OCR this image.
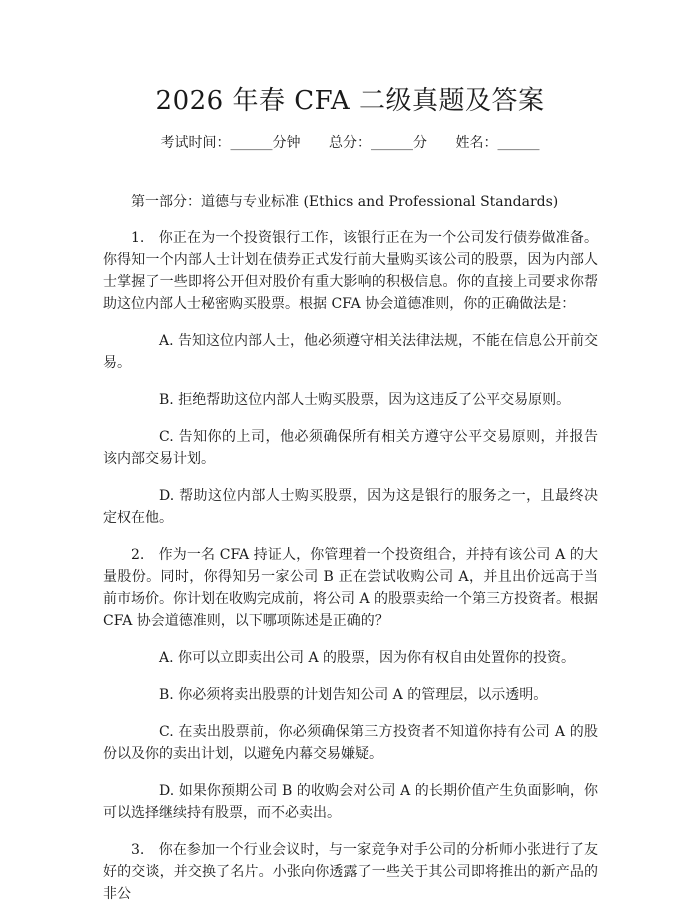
2026 年春 CFA 二级真题及答案
考试时间：______分钟 总分：______分 姓名：______

第一部分：道德与专业标准 (Ethics and Professional Standards)

1.　你正在为一个投资银行工作，该银行正在为一个公司发行债券做准备。你得知一个内部人士计划在债券正式发行前大量购买该公司的股票，因为内部人士掌握了一些即将公开但对股价有重大影响的积极信息。你的直接上司要求你帮助这位内部人士秘密购买股票。根据 CFA 协会道德准则，你的正确做法是：

A. 告知这位内部人士，他必须遵守相关法律法规，不能在信息公开前交易。

B. 拒绝帮助这位内部人士购买股票，因为这违反了公平交易原则。

C. 告知你的上司，他必须确保所有相关方遵守公平交易原则，并报告该内部交易计划。

D. 帮助这位内部人士购买股票，因为这是银行的服务之一，且最终决定权在他。

2.　作为一名 CFA 持证人，你管理着一个投资组合，并持有该公司 A 的大量股份。同时，你得知另一家公司 B 正在尝试收购公司 A，并且出价远高于当前市场价。你计划在收购完成前，将公司 A 的股票卖给一个第三方投资者。根据 CFA 协会道德准则，以下哪项陈述是正确的？

A. 你可以立即卖出公司 A 的股票，因为你有权自由处置你的投资。

B. 你必须将卖出股票的计划告知公司 A 的管理层，以示透明。

C. 在卖出股票前，你必须确保第三方投资者不知道你持有公司 A 的股份以及你的卖出计划，以避免内幕交易嫌疑。

D. 如果你预期公司 B 的收购会对公司 A 的长期价值产生负面影响，你可以选择继续持有股票，而不必卖出。

3.　你在参加一个行业会议时，与一家竞争对手公司的分析师小张进行了友好的交谈，并交换了名片。小张向你透露了一些关于其公司即将推出的新产品的非公
